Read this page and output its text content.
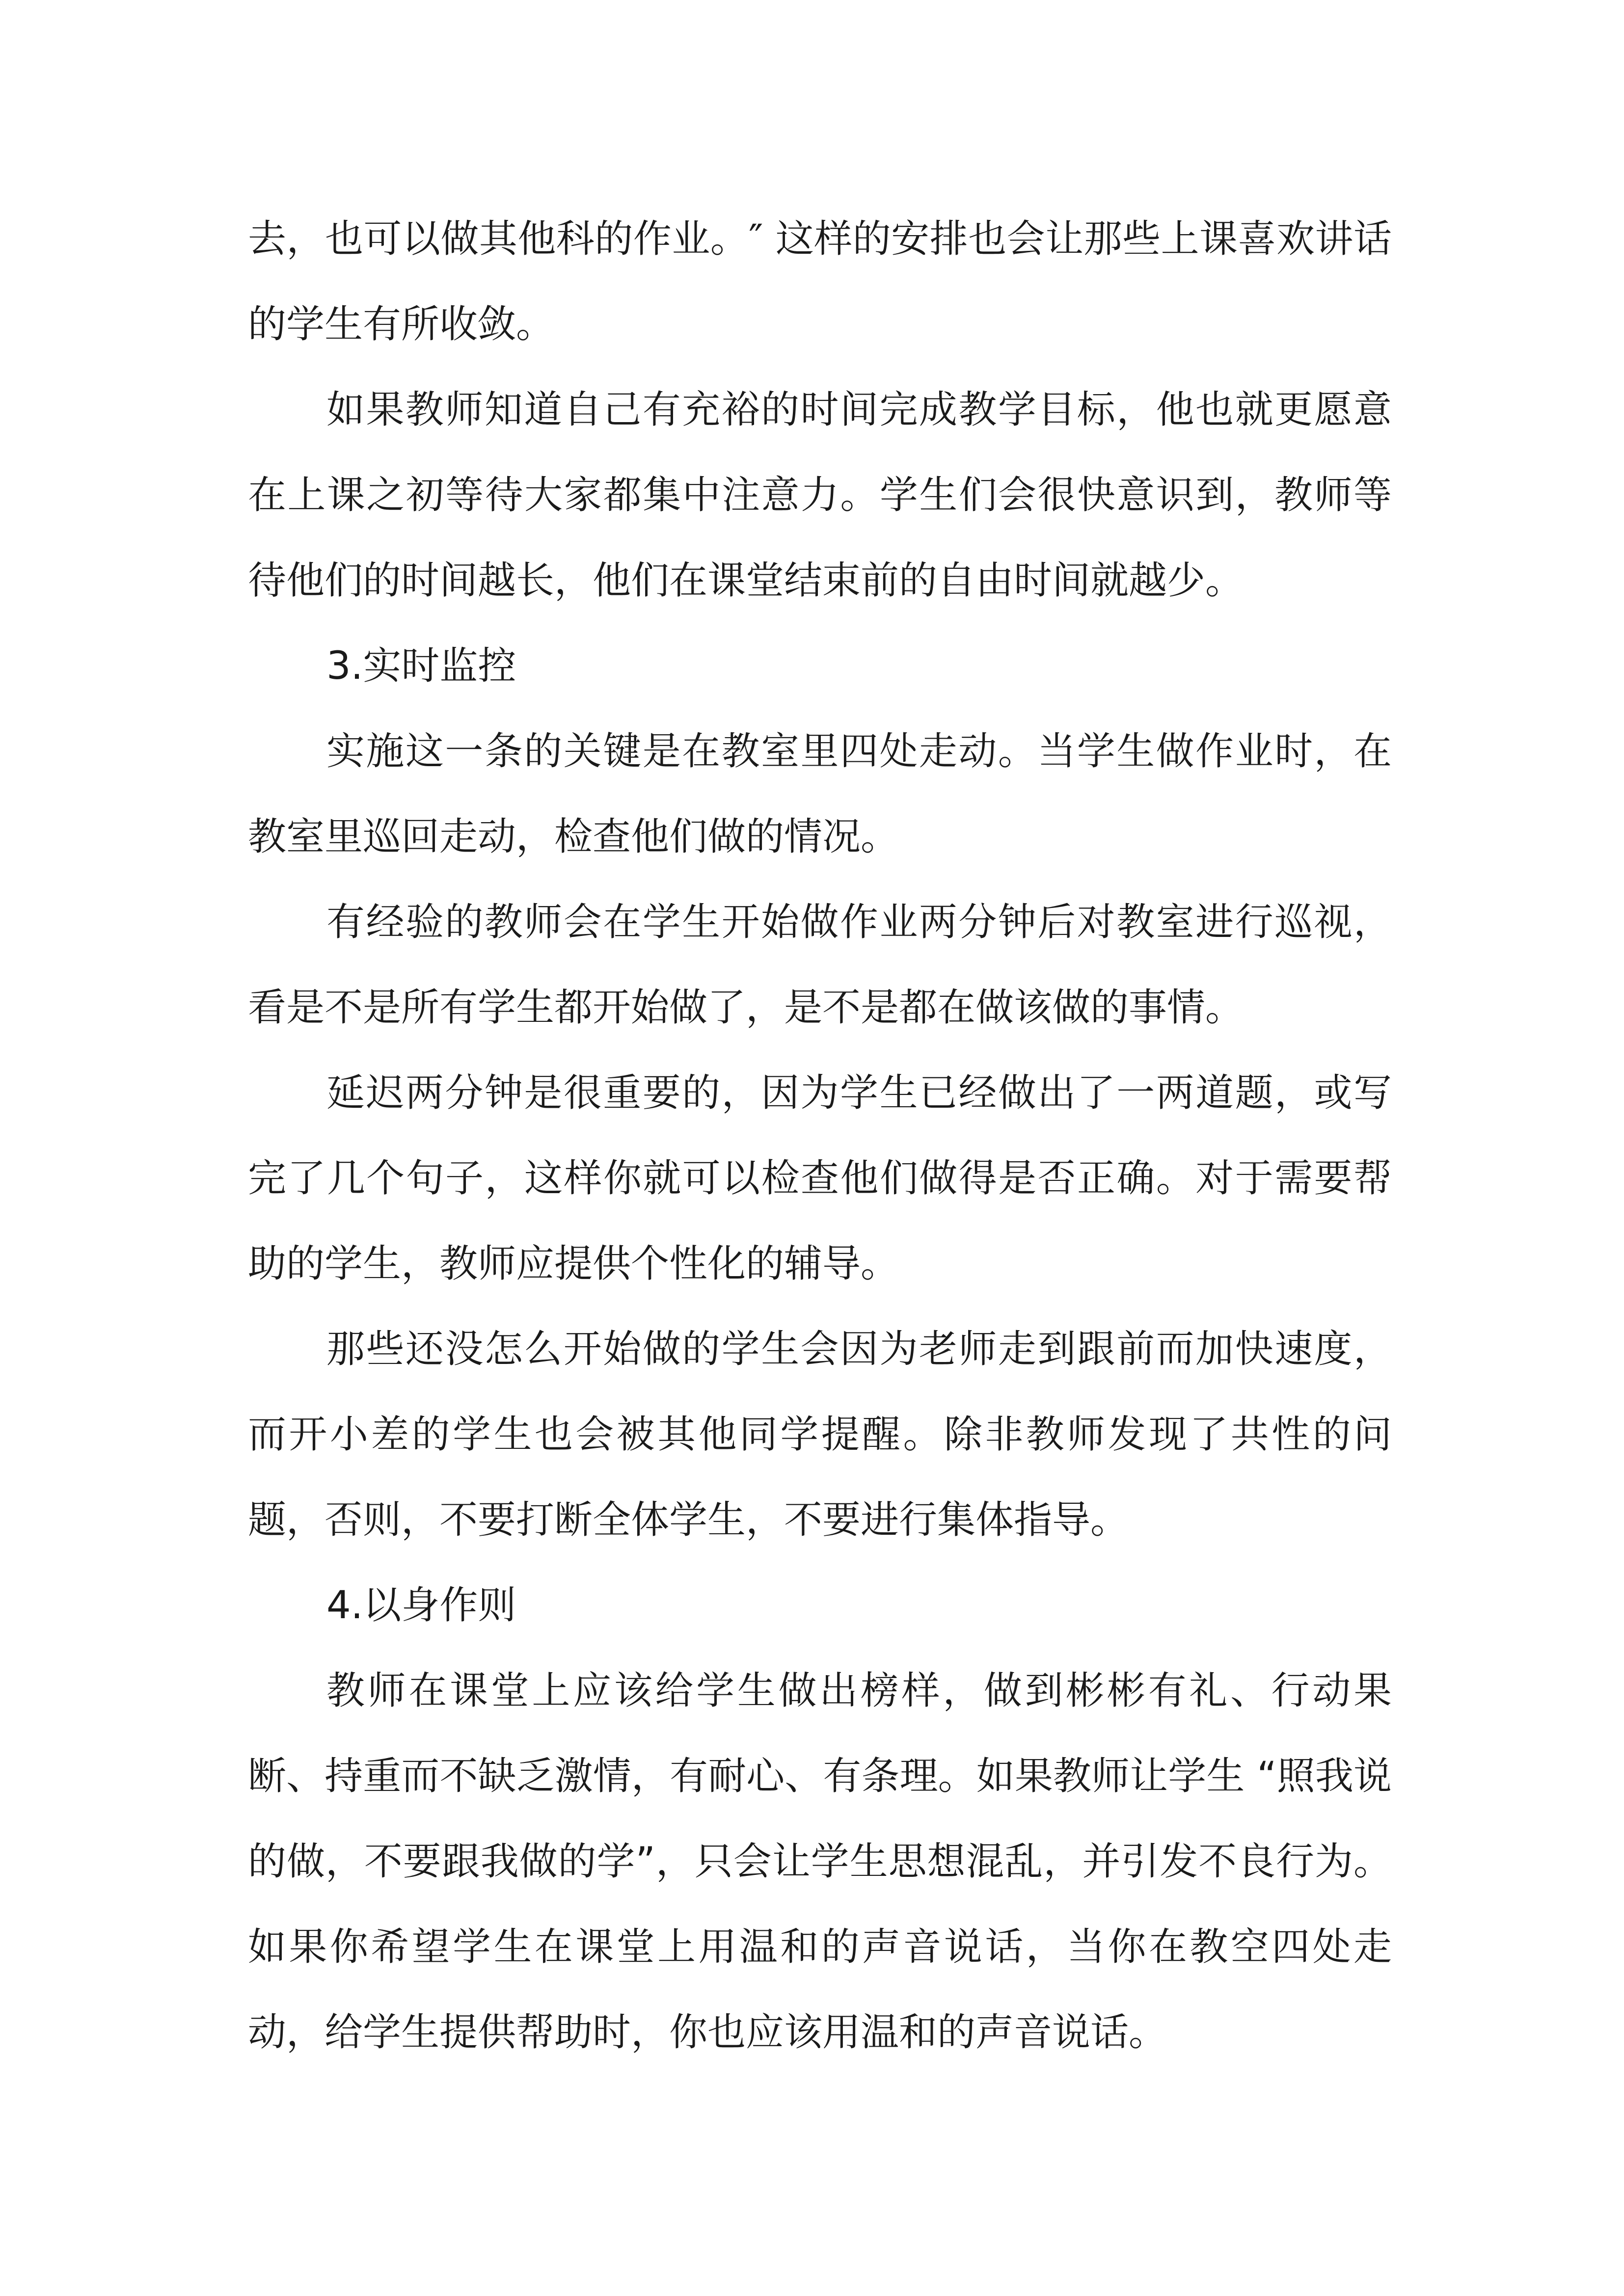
去，也可以做其他科的作业。″ 这样的安排也会让那些上课喜欢讲话的学生有所收敛。

如果教师知道自己有充裕的时间完成教学目标，他也就更愿意在上课之初等待大家都集中注意力。学生们会很快意识到，教师等待他们的时间越长，他们在课堂结束前的自由时间就越少。

3.实时监控

实施这一条的关键是在教室里四处走动。当学生做作业时，在教室里巡回走动，检查他们做的情况。

有经验的教师会在学生开始做作业两分钟后对教室进行巡视，看是不是所有学生都开始做了，是不是都在做该做的事情。

延迟两分钟是很重要的，因为学生已经做出了一两道题，或写完了几个句子，这样你就可以检查他们做得是否正确。对于需要帮助的学生，教师应提供个性化的辅导。

那些还没怎么开始做的学生会因为老师走到跟前而加快速度，而开小差的学生也会被其他同学提醒。除非教师发现了共性的问题，否则，不要打断全体学生，不要进行集体指导。

4.以身作则

教师在课堂上应该给学生做出榜样，做到彬彬有礼、行动果断、持重而不缺乏激情，有耐心、有条理。如果教师让学生 “照我说的做，不要跟我做的学”，只会让学生思想混乱，并引发不良行为。如果你希望学生在课堂上用温和的声音说话，当你在教空四处走动，给学生提供帮助时，你也应该用温和的声音说话。
